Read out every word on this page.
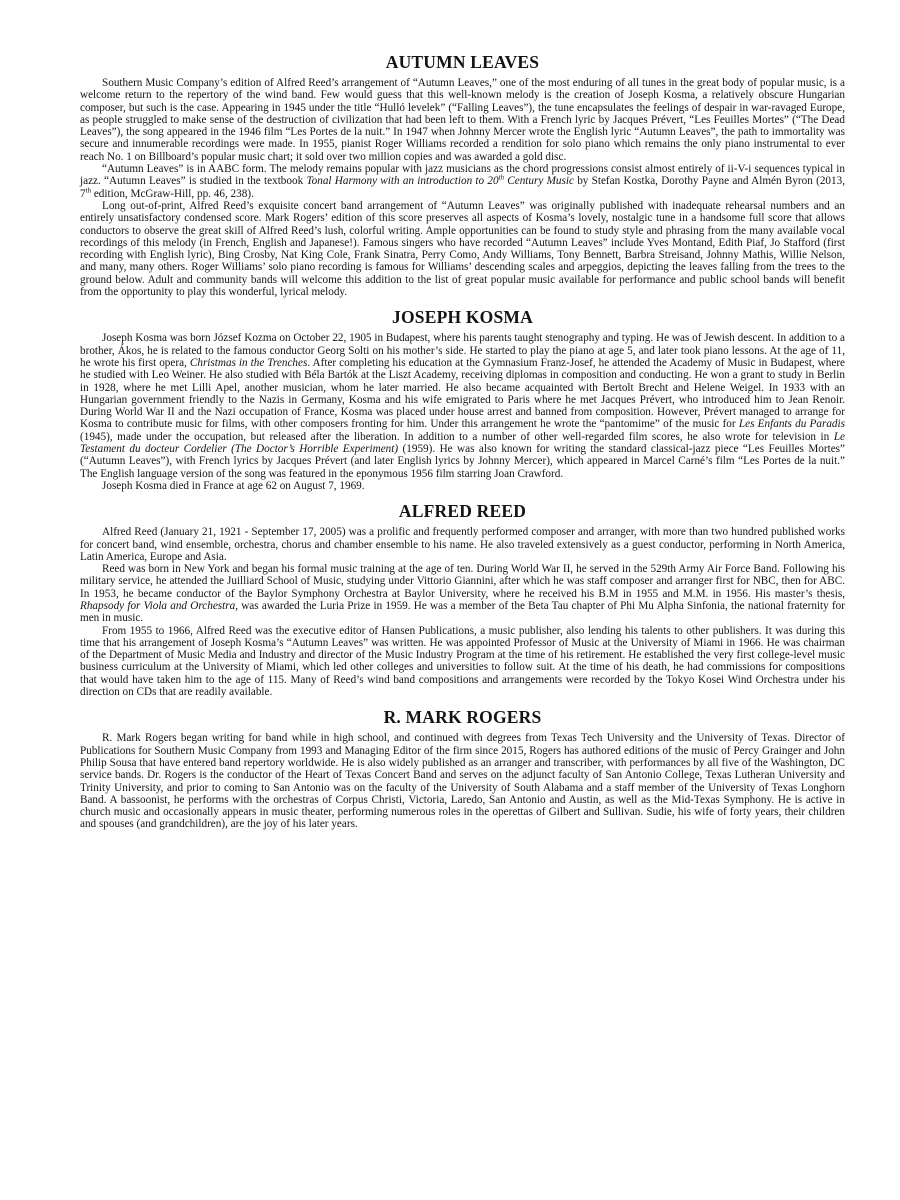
AUTUMN LEAVES

Southern Music Company’s edition of Alfred Reed’s arrangement of “Autumn Leaves,” one of the most enduring of all tunes in the great body of popular music, is a welcome return to the repertory of the wind band. Few would guess that this well-known melody is the creation of Joseph Kosma, a relatively obscure Hungarian composer, but such is the case. Appearing in 1945 under the title “Hulló levelek” (“Falling Leaves”), the tune encapsulates the feelings of despair in war-ravaged Europe, as people struggled to make sense of the destruction of civilization that had been left to them. With a French lyric by Jacques Prévert, “Les Feuilles Mortes” (“The Dead Leaves”), the song appeared in the 1946 film “Les Portes de la nuit.” In 1947 when Johnny Mercer wrote the English lyric “Autumn Leaves”, the path to immortality was secure and innumerable recordings were made. In 1955, pianist Roger Williams recorded a rendition for solo piano which remains the only piano instrumental to ever reach No. 1 on Billboard’s popular music chart; it sold over two million copies and was awarded a gold disc.

“Autumn Leaves” is in AABC form. The melody remains popular with jazz musicians as the chord progressions consist almost entirely of ii-V-i sequences typical in jazz. “Autumn Leaves” is studied in the textbook Tonal Harmony with an introduction to 20th Century Music by Stefan Kostka, Dorothy Payne and Almén Byron (2013, 7th edition, McGraw-Hill, pp. 46, 238).

Long out-of-print, Alfred Reed’s exquisite concert band arrangement of “Autumn Leaves” was originally published with inadequate rehearsal numbers and an entirely unsatisfactory condensed score. Mark Rogers’ edition of this score preserves all aspects of Kosma’s lovely, nostalgic tune in a handsome full score that allows conductors to observe the great skill of Alfred Reed’s lush, colorful writing. Ample opportunities can be found to study style and phrasing from the many available vocal recordings of this melody (in French, English and Japanese!). Famous singers who have recorded “Autumn Leaves” include Yves Montand, Edith Piaf, Jo Stafford (first recording with English lyric), Bing Crosby, Nat King Cole, Frank Sinatra, Perry Como, Andy Williams, Tony Bennett, Barbra Streisand, Johnny Mathis, Willie Nelson, and many, many others. Roger Williams’ solo piano recording is famous for Williams’ descending scales and arpeggios, depicting the leaves falling from the trees to the ground below. Adult and community bands will welcome this addition to the list of great popular music available for performance and public school bands will benefit from the opportunity to play this wonderful, lyrical melody.

JOSEPH KOSMA

Joseph Kosma was born József Kozma on October 22, 1905 in Budapest, where his parents taught stenography and typing. He was of Jewish descent. In addition to a brother, Ákos, he is related to the famous conductor Georg Solti on his mother’s side. He started to play the piano at age 5, and later took piano lessons. At the age of 11, he wrote his first opera, Christmas in the Trenches. After completing his education at the Gymnasium Franz-Josef, he attended the Academy of Music in Budapest, where he studied with Leo Weiner. He also studied with Béla Bartók at the Liszt Academy, receiving diplomas in composition and conducting. He won a grant to study in Berlin in 1928, where he met Lilli Apel, another musician, whom he later married. He also became acquainted with Bertolt Brecht and Helene Weigel. In 1933 with an Hungarian government friendly to the Nazis in Germany, Kosma and his wife emigrated to Paris where he met Jacques Prévert, who introduced him to Jean Renoir. During World War II and the Nazi occupation of France, Kosma was placed under house arrest and banned from composition. However, Prévert managed to arrange for Kosma to contribute music for films, with other composers fronting for him. Under this arrangement he wrote the “pantomime” of the music for Les Enfants du Paradis (1945), made under the occupation, but released after the liberation. In addition to a number of other well-regarded film scores, he also wrote for television in Le Testament du docteur Cordelier (The Doctor’s Horrible Experiment) (1959). He was also known for writing the standard classical-jazz piece “Les Feuilles Mortes” (“Autumn Leaves”), with French lyrics by Jacques Prévert (and later English lyrics by Johnny Mercer), which appeared in Marcel Carné’s film “Les Portes de la nuit.” The English language version of the song was featured in the eponymous 1956 film starring Joan Crawford.

Joseph Kosma died in France at age 62 on August 7, 1969.

ALFRED REED

Alfred Reed (January 21, 1921 - September 17, 2005) was a prolific and frequently performed composer and arranger, with more than two hundred published works for concert band, wind ensemble, orchestra, chorus and chamber ensemble to his name. He also traveled extensively as a guest conductor, performing in North America, Latin America, Europe and Asia.

Reed was born in New York and began his formal music training at the age of ten. During World War II, he served in the 529th Army Air Force Band. Following his military service, he attended the Juilliard School of Music, studying under Vittorio Giannini, after which he was staff composer and arranger first for NBC, then for ABC. In 1953, he became conductor of the Baylor Symphony Orchestra at Baylor University, where he received his B.M in 1955 and M.M. in 1956. His master’s thesis, Rhapsody for Viola and Orchestra, was awarded the Luria Prize in 1959. He was a member of the Beta Tau chapter of Phi Mu Alpha Sinfonia, the national fraternity for men in music.

From 1955 to 1966, Alfred Reed was the executive editor of Hansen Publications, a music publisher, also lending his talents to other publishers. It was during this time that his arrangement of Joseph Kosma’s “Autumn Leaves” was written. He was appointed Professor of Music at the University of Miami in 1966. He was chairman of the Department of Music Media and Industry and director of the Music Industry Program at the time of his retirement. He established the very first college-level music business curriculum at the University of Miami, which led other colleges and universities to follow suit. At the time of his death, he had commissions for compositions that would have taken him to the age of 115. Many of Reed’s wind band compositions and arrangements were recorded by the Tokyo Kosei Wind Orchestra under his direction on CDs that are readily available.

R. MARK ROGERS

R. Mark Rogers began writing for band while in high school, and continued with degrees from Texas Tech University and the University of Texas. Director of Publications for Southern Music Company from 1993 and Managing Editor of the firm since 2015, Rogers has authored editions of the music of Percy Grainger and John Philip Sousa that have entered band repertory worldwide. He is also widely published as an arranger and transcriber, with performances by all five of the Washington, DC service bands. Dr. Rogers is the conductor of the Heart of Texas Concert Band and serves on the adjunct faculty of San Antonio College, Texas Lutheran University and Trinity University, and prior to coming to San Antonio was on the faculty of the University of South Alabama and a staff member of the University of Texas Longhorn Band. A bassoonist, he performs with the orchestras of Corpus Christi, Victoria, Laredo, San Antonio and Austin, as well as the Mid-Texas Symphony. He is active in church music and occasionally appears in music theater, performing numerous roles in the operettas of Gilbert and Sullivan. Sudie, his wife of forty years, their children and spouses (and grandchildren), are the joy of his later years.
